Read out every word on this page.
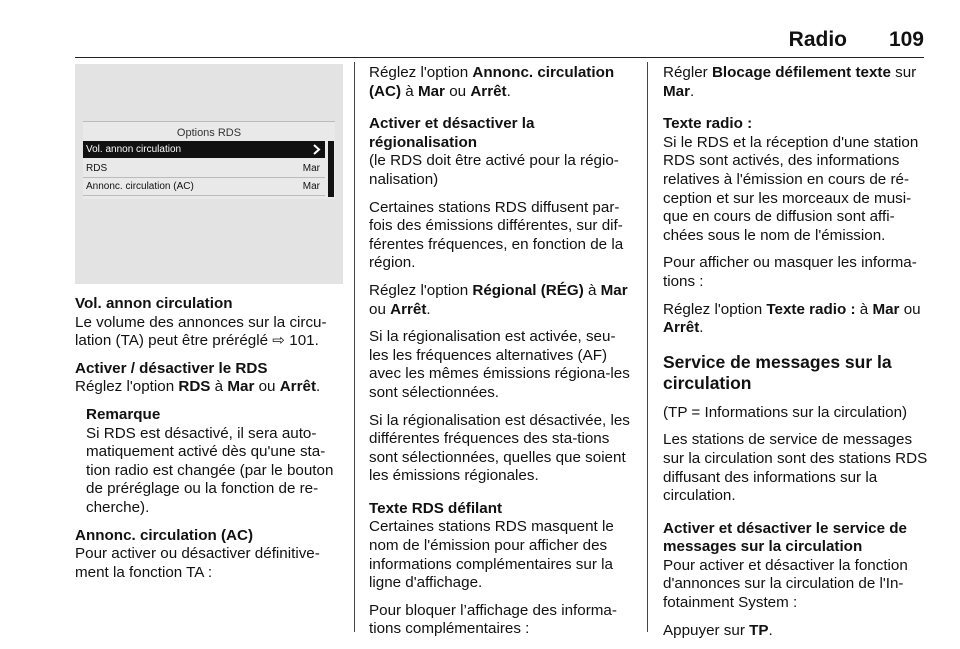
Radio 109
Options RDS
Vol. annon circulation
RDS	Mar
Annonc. circulation (AC)	Mar
Vol. annon circulation

Le volume des annonces sur la circu-lation (TA) peut être préréglé ⇨ 101.

Activer / désactiver le RDS

Réglez l'option RDS à Mar ou Arrêt.

Remarque
Si RDS est désactivé, il sera auto-matiquement activé dès qu'une sta-tion radio est changée (par le bouton de préréglage ou la fonction de re-cherche).
Annonc. circulation (AC)

Pour activer ou désactiver définitive-ment la fonction TA :

Réglez l'option Annonc. circulation (AC) à Mar ou Arrêt.

Activer et désactiver la régionalisation

(le RDS doit être activé pour la régio-nalisation)

Certaines stations RDS diffusent par-fois des émissions différentes, sur dif-férentes fréquences, en fonction de la région.

Réglez l'option Régional (RÉG) à Mar ou Arrêt.

Si la régionalisation est activée, seu-les les fréquences alternatives (AF) avec les mêmes émissions régiona-les sont sélectionnées.

Si la régionalisation est désactivée, les différentes fréquences des sta-tions sont sélectionnées, quelles que soient les émissions régionales.

Texte RDS défilant

Certaines stations RDS masquent le nom de l'émission pour afficher des informations complémentaires sur la ligne d'affichage.

Pour bloquer l’affichage des informa-tions complémentaires :

Régler Blocage défilement texte sur Mar.

Texte radio :

Si le RDS et la réception d'une station RDS sont activés, des informations relatives à l'émission en cours de ré-ception et sur les morceaux de musi-que en cours de diffusion sont affi-chées sous le nom de l'émission.

Pour afficher ou masquer les informa-tions :

Réglez l'option Texte radio : à Mar ou Arrêt.

Service de messages sur la circulation

(TP = Informations sur la circulation)

Les stations de service de messages sur la circulation sont des stations RDS diffusant des informations sur la circulation.

Activer et désactiver le service de messages sur la circulation

Pour activer et désactiver la fonction d'annonces sur la circulation de l'In-fotainment System :

Appuyer sur TP.
